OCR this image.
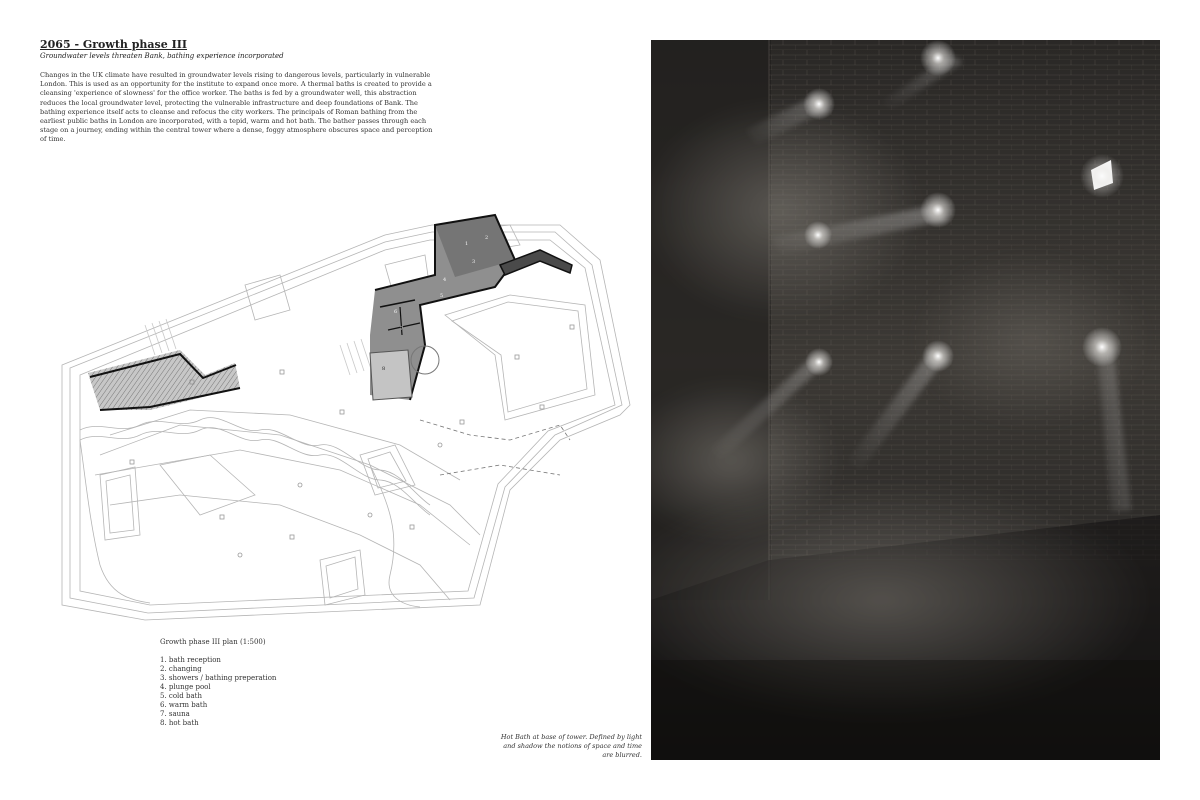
2065 - Growth phase III

Groundwater levels threaten Bank, bathing experience incorporated

Changes in the UK climate have resulted in groundwater levels rising to dangerous levels, particularly in vulnerable London. This is used as an opportunity for the institute to expand once more. A thermal baths is created to provide a cleansing 'experience of slowness' for the office worker. The baths is fed by a groundwater well, this abstraction reduces the local groundwater level, protecting the vulnerable infrastructure and deep foundations of Bank. The bathing experience itself acts to cleanse and refocus the city workers. The principals of Roman bathing from the earliest public baths in London are incorporated, with a tepid, warm and hot bath. The bather passes through each stage on a journey, ending within the central tower where a dense, foggy atmosphere obscures space and perception of time.

1
2
3
4
5
6
7
8

Growth phase III plan (1:500)

1. bath reception
2. changing
3. showers / bathing preperation
4. plunge pool
5. cold bath
6. warm bath
7. sauna
8. hot bath

Hot Bath at base of tower. Defined by light and shadow the notions of space and time are blurred.
